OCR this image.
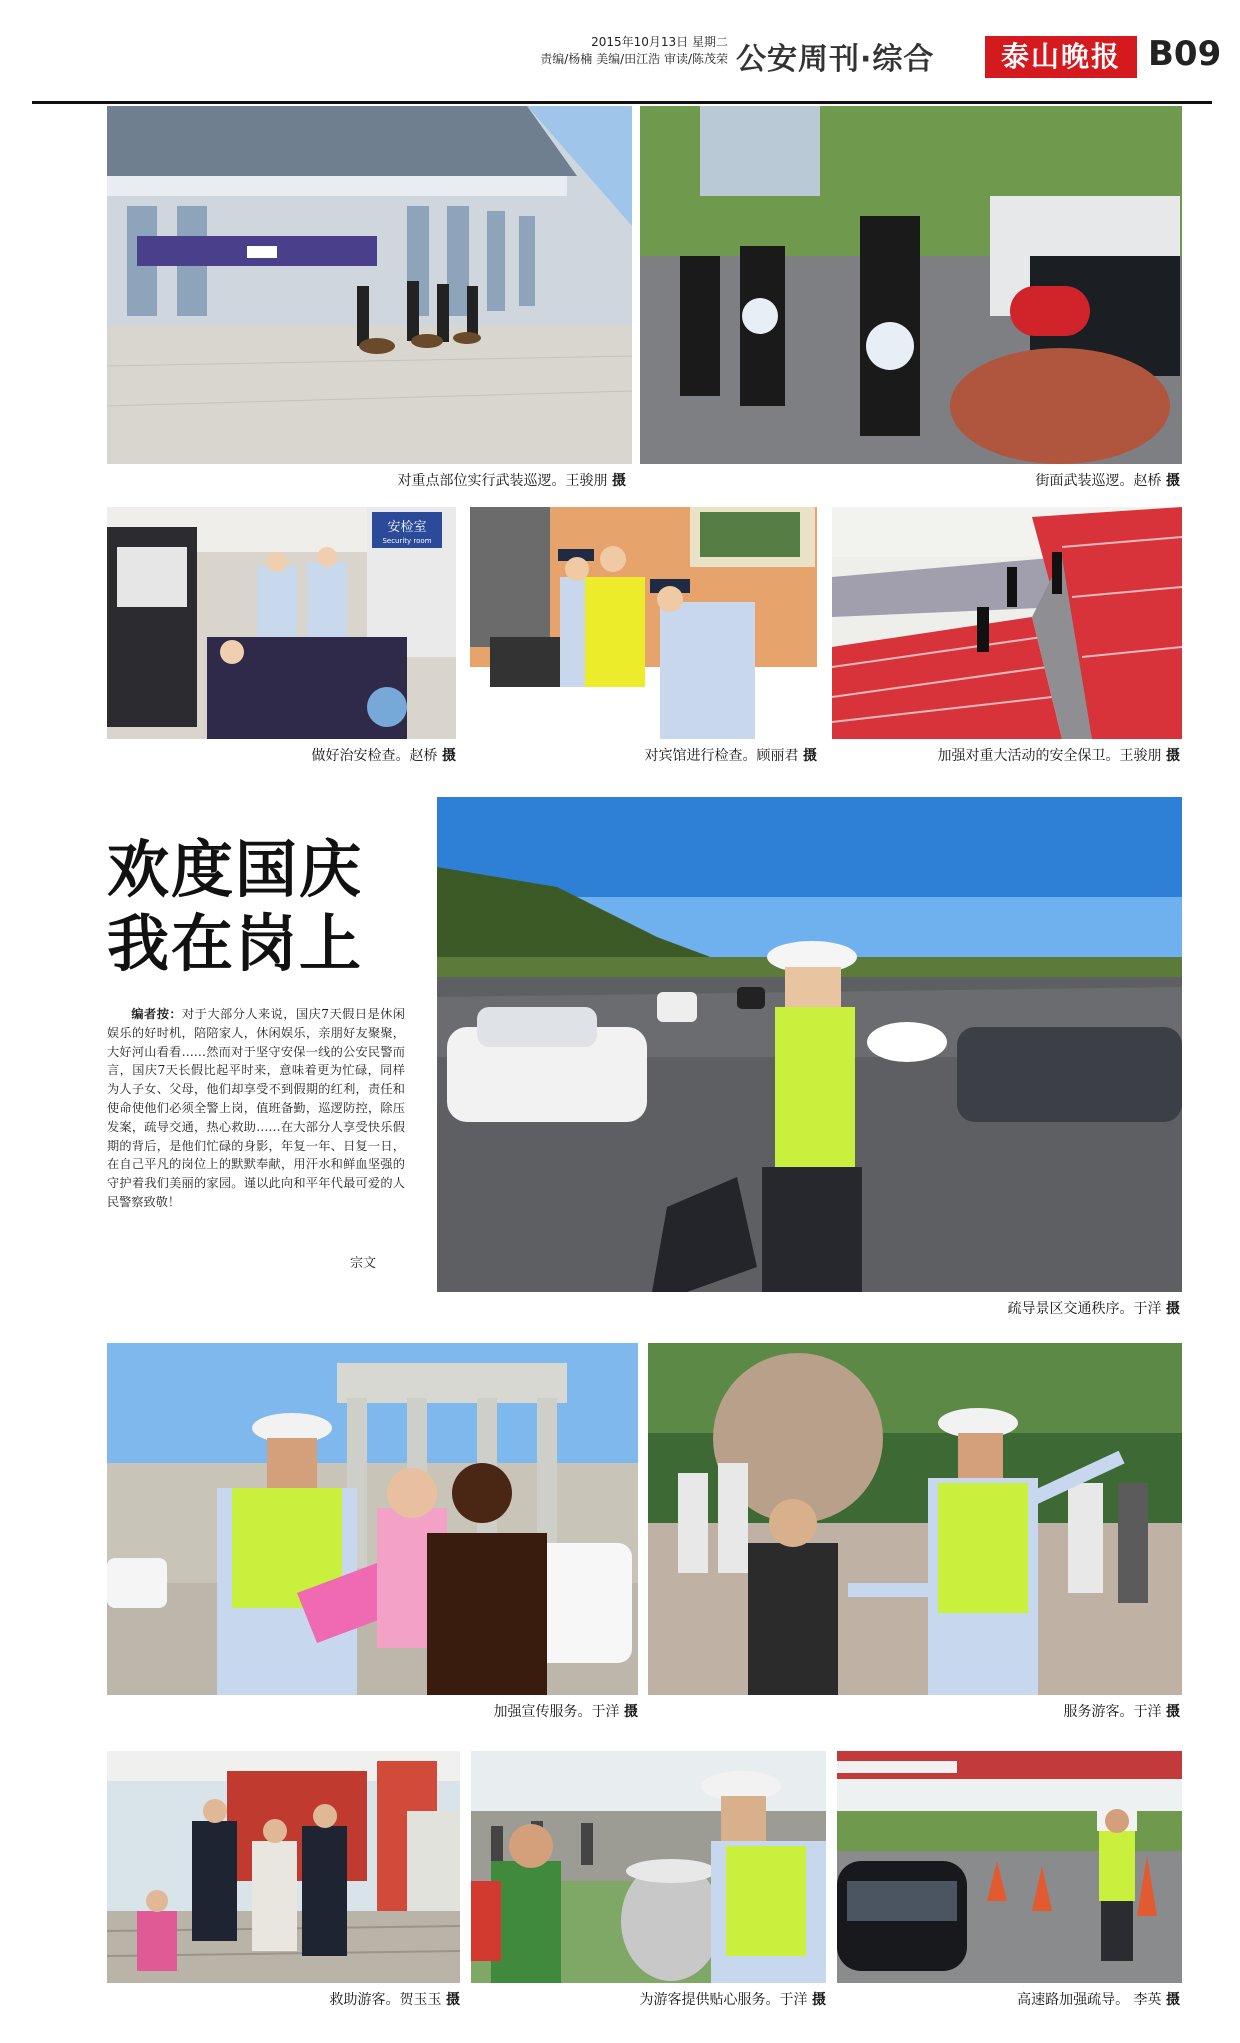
2015年10月13日 星期二
责编/杨楠 美编/田江浩 审读/陈茂荣 公安周刊·综合	泰山晚报 B09
对重点部位实行武装巡逻。王骏朋 摄	街面武装巡逻。赵桥 摄
安检室
Security room
做好治安检查。赵桥 摄	对宾馆进行检查。顾丽君 摄	加强对重大活动的安全保卫。王骏朋 摄
欢度国庆
我在岗上
编者按：对于大部分人来说，国庆7天假日是休闲娱乐的好时机，陪陪家人，休闲娱乐，亲朋好友聚聚，大好河山看看……然而对于坚守安保一线的公安民警而言，国庆7天长假比起平时来，意味着更为忙碌，同样为人子女、父母，他们却享受不到假期的红利，责任和使命使他们必须全警上岗，值班备勤，巡逻防控，除压发案，疏导交通，热心救助……在大部分人享受快乐假期的背后，是他们忙碌的身影，年复一年、日复一日，在自己平凡的岗位上的默默奉献，用汗水和鲜血坚强的守护着我们美丽的家园。谨以此向和平年代最可爱的人民警察致敬！
宗文
疏导景区交通秩序。于洋 摄
加强宣传服务。于洋 摄	服务游客。于洋 摄
救助游客。贺玉玉 摄	为游客提供贴心服务。于洋 摄	高速路加强疏导。 李英 摄
